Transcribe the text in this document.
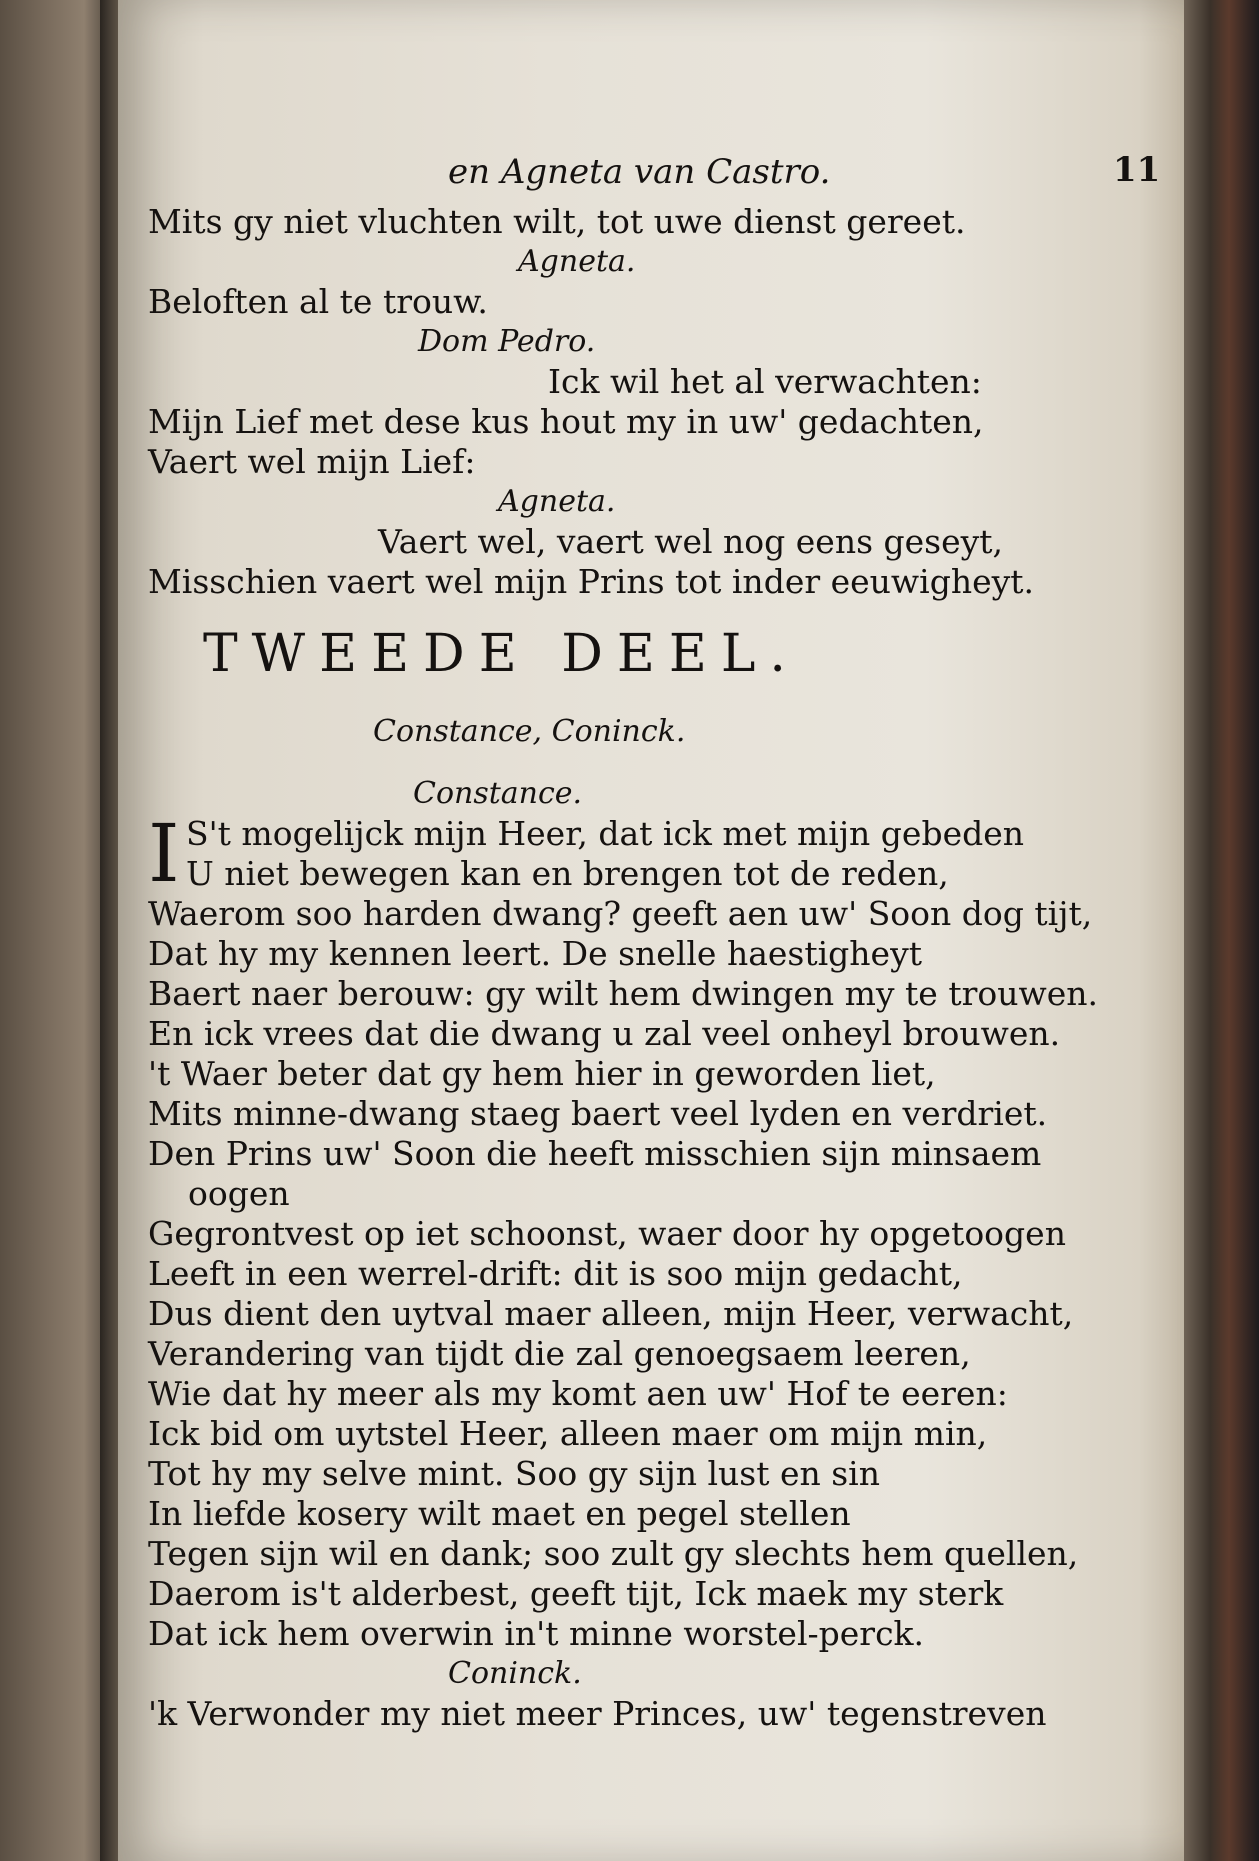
en Agneta van Castro.	11
Mits gy niet vluchten wilt, tot uwe dienst gereet.
Agneta.
Beloften al te trouw.
Dom Pedro.
Ick wil het al verwachten:
Mijn Lief met dese kus hout my in uw' gedachten,
Vaert wel mijn Lief:
Agneta.
Vaert wel, vaert wel nog eens geseyt,
Misschien vaert wel mijn Prins tot inder eeuwigheyt.
TWEEDE DEEL.
Constance, Coninck.
Constance.
I S't mogelijck mijn Heer, dat ick met mijn gebeden
U niet bewegen kan en brengen tot de reden,
Waerom soo harden dwang? geeft aen uw' Soon dog tijt,
Dat hy my kennen leert. De snelle haestigheyt
Baert naer berouw: gy wilt hem dwingen my te trouwen.
En ick vrees dat die dwang u zal veel onheyl brouwen.
't Waer beter dat gy hem hier in geworden liet,
Mits minne-dwang staeg baert veel lyden en verdriet.
Den Prins uw' Soon die heeft misschien sijn minsaem
oogen
Gegrontvest op iet schoonst, waer door hy opgetoogen
Leeft in een werrel-drift: dit is soo mijn gedacht,
Dus dient den uytval maer alleen, mijn Heer, verwacht,
Verandering van tijdt die zal genoegsaem leeren,
Wie dat hy meer als my komt aen uw' Hof te eeren:
Ick bid om uytstel Heer, alleen maer om mijn min,
Tot hy my selve mint. Soo gy sijn lust en sin
In liefde kosery wilt maet en pegel stellen
Tegen sijn wil en dank; soo zult gy slechts hem quellen,
Daerom is't alderbest, geeft tijt, Ick maek my sterk
Dat ick hem overwin in't minne worstel-perck.
Coninck.
'k Verwonder my niet meer Princes, uw' tegenstreven
